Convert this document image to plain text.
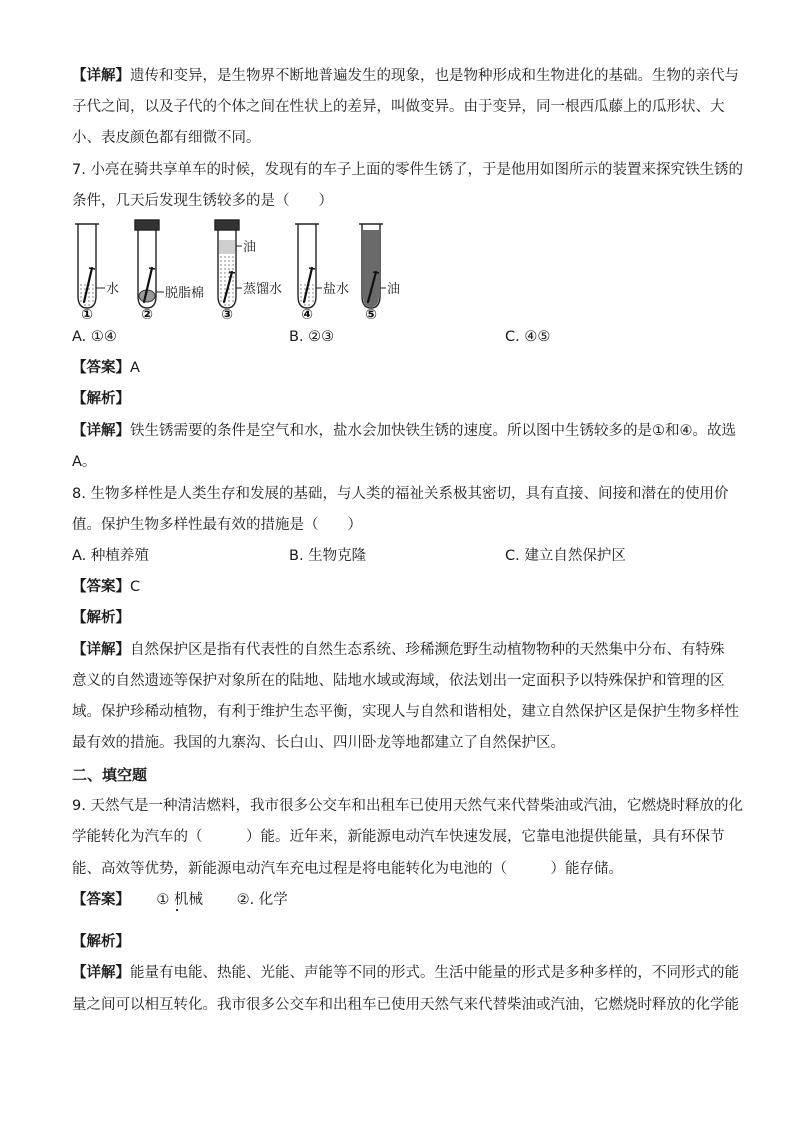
【详解】遗传和变异，是生物界不断地普遍发生的现象，也是物种形成和生物进化的基础。生物的亲代与
子代之间，以及子代的个体之间在性状上的差异，叫做变异。由于变异，同一根西瓜藤上的瓜形状、大
小、表皮颜色都有细微不同。
7. 小亮在骑共享单车的时候，发现有的车子上面的零件生锈了，于是他用如图所示的装置来探究铁生锈的
条件，几天后发现生锈较多的是（　　）
水	脱脂棉
油
蒸馏水	盐水	油
①	②	③	④	⑤
A. ①④	B. ②③	C. ④⑤
【答案】A
【解析】
【详解】铁生锈需要的条件是空气和水，盐水会加快铁生锈的速度。所以图中生锈较多的是①和④。故选
A。
8. 生物多样性是人类生存和发展的基础，与人类的福祉关系极其密切，具有直接、间接和潜在的使用价
值。保护生物多样性最有效的措施是（　　）
A. 种植养殖	B. 生物克隆	C. 建立自然保护区
【答案】C
【解析】
【详解】自然保护区是指有代表性的自然生态系统、珍稀濒危野生动植物物种的天然集中分布、有特殊
意义的自然遗迹等保护对象所在的陆地、陆地水域或海域，依法划出一定面积予以特殊保护和管理的区
域。保护珍稀动植物，有利于维护生态平衡，实现人与自然和谐相处，建立自然保护区是保护生物多样性
最有效的措施。我国的九寨沟、长白山、四川卧龙等地都建立了自然保护区。
二、填空题
9. 天然气是一种清洁燃料，我市很多公交车和出租车已使用天然气来代替柴油或汽油，它燃烧时释放的化
学能转化为汽车的（　　　）能。近年来，新能源电动汽车快速发展，它靠电池提供能量，具有环保节
能、高效等优势，新能源电动汽车充电过程是将电能转化为电池的（　　　）能存储。
【答案】　　 ① 机械　　 ②. 化学
【解析】
【详解】能量有电能、热能、光能、声能等不同的形式。生活中能量的形式是多种多样的，不同形式的能
量之间可以相互转化。我市很多公交车和出租车已使用天然气来代替柴油或汽油，它燃烧时释放的化学能
